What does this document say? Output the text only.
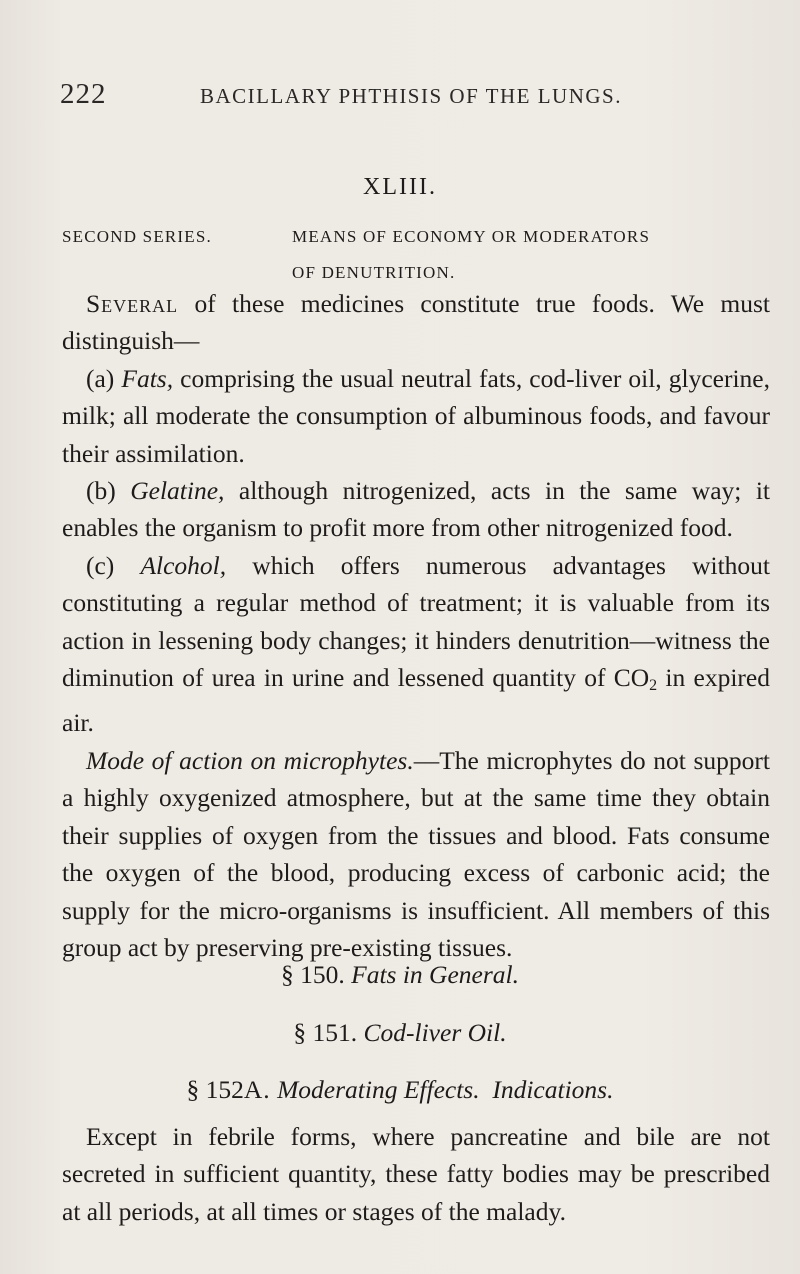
222	BACILLARY PHTHISIS OF THE LUNGS.
XLIII.
SECOND SERIES.	MEANS OF ECONOMY OR MODERATORS
OF DENUTRITION.

Several of these medicines constitute true foods. We must distinguish—

(a) Fats, comprising the usual neutral fats, cod-liver oil, glycerine, milk; all moderate the consumption of albuminous foods, and favour their assimilation.

(b) Gelatine, although nitrogenized, acts in the same way; it enables the organism to profit more from other nitrogenized food.

(c) Alcohol, which offers numerous advantages without constituting a regular method of treatment; it is valuable from its action in lessening body changes; it hinders denutrition—witness the diminution of urea in urine and lessened quantity of $CO_2$ in expired air.

Mode of action on microphytes.—The microphytes do not support a highly oxygenized atmosphere, but at the same time they obtain their supplies of oxygen from the tissues and blood. Fats consume the oxygen of the blood, producing excess of carbonic acid; the supply for the micro-organisms is insufficient. All members of this group act by preserving pre-existing tissues.

§ 150. Fats in General.
§ 151. Cod-liver Oil.
§ 152A. Moderating Effects. Indications.

Except in febrile forms, where pancreatine and bile are not secreted in sufficient quantity, these fatty bodies may be prescribed at all periods, at all times or stages of the malady.
